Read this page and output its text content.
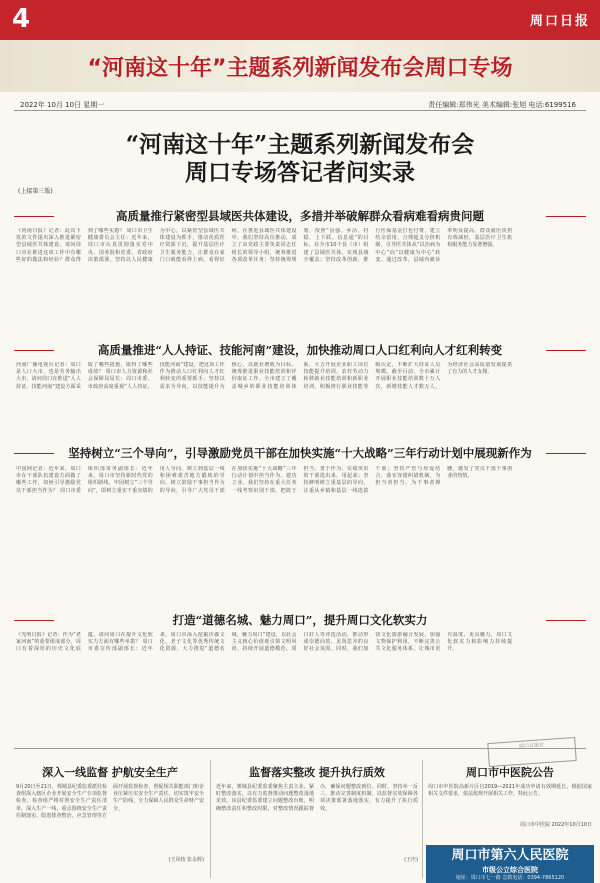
4	周口日报
“河南这十年”主题系列新闻发布会周口专场
2022年 10月 10日 星期一	责任编辑:郑伟光 美术编辑:张旭 电话:6199516
“河南这十年”主题系列新闻发布会
周口专场答记者问实录
(上接第三版)
高质量推行紧密型县域医共体建设，多措并举破解群众看病难看病贵问题
《河南日报》记者：此次下发的文件提出深入推进紧密型县域医共体建设，请问周口市在推进这项工作中有哪些好的做法和经验？群众得到了哪些实惠？ 周口市卫生健康委员会主任：近年来，周口市认真贯彻落实党中央、国务院和省委、省政府决策部署，坚持以人民健康为中心，以紧密型县域医共体建设为抓手，推动优质医疗资源下沉，提升基层医疗卫生服务能力，让群众在家门口就能看得上病、看得好病。在推进县域医共体建设中，我们坚持高位推动，成立了由党政主要负责同志任组长的领导小组，统筹推进各项改革任务；坚持统筹规划，按照“县强、乡活、村稳、上下联、信息通”的目标，在全市10个县（市）组建了县域医共体，实现县域全覆盖；坚持改革创新，推行医保基金打包付费，建立结余留用、合理超支分担机制，引导医共体从“以治病为中心”向“以健康为中心”转变。通过改革，县域内就诊率明显提高，群众就医负担有效减轻，基层医疗卫生机构服务能力显著增强。
高质量推进“人人持证、技能河南”建设，加快推动周口人口红利向人才红利转变
河南广播电视台记者：周口是人口大市，也是劳务输出大市，请问周口在推进“人人持证、技能河南”建设方面采取了哪些措施，取得了哪些成效？ 周口市人力资源和社会保障局局长：周口市委、市政府高度重视“人人持证、技能河南”建设，把这项工作作为推动人口红利向人才红利转变的重要抓手，坚持以需求为导向，以技能提升为核心，以就业增收为目标，统筹推进职业技能培训和评价取证工作。全市建立了覆盖城乡的职业技能培训体系，大力开展企业职工岗位技能提升培训、农村劳动力转移就业技能培训和新职业培训，积极推行职业技能等级认定，不断扩大持证人员规模。截至目前，全市累计开展职业技能培训数十万人次，新增技能人才数万人，为经济社会高质量发展提供了有力的人才支撑。
坚持树立“三个导向”，引导激励党员干部在加快实施“十大战略”三年行动计划中展现新作为
中国网记者：近年来，周口市在干部队伍建设方面做了哪些工作，如何引导激励党员干部担当作为？ 周口市委组织部常务副部长：近年来，周口市坚持新时代党的组织路线，牢固树立“三个导向”，即树立重实干重实绩的用人导向、树立到基层一线和困难艰苦地方锻炼的导向、树立鼓励干事担当作为的导向，引导广大党员干部在加快实施“十大战略”三年行动计划中担当作为、建功立业。我们坚持在重大任务一线考察识别干部，把敢于担当、善于作为、实绩突出的干部选出来、用起来；坚持鲜明树立重基层的导向，注重从乡镇和基层一线选拔干部；坚持严管与厚爱结合，落实容错纠错机制，为担当者担当、为干事者撑腰，激发了党员干部干事创业的热情。
打造“道德名城、魅力周口”，提升周口文化软实力
《光明日报》记者：作为“老家河南”的重要组成部分，周口有着深厚的历史文化底蕴，请问周口在提升文化软实力方面有哪些举措？ 周口市委宣传部副部长：近年来，周口市深入挖掘伏羲文化、老子文化等优秀传统文化资源，大力推进“道德名城、魅力周口”建设，以社会主义核心价值观引领文明风尚，持续开展道德模范、周口好人等评选活动，推动形成崇德向善、见贤思齐的良好社会氛围。同时，我们加快文化旅游融合发展，加强文物保护利用，不断完善公共文化服务体系，让城市更有温度、更具魅力，周口文化软实力和影响力持续提升。
周口日报社
深入一线监督 护航安全生产
9月20日至21日，郸城县纪委监委派驻检查组深入辖区企业开展安全生产专项监督检查。检查组严格对照安全生产责任清单，深入生产一线，重点围绕安全生产责任制落实、隐患排查整治、应急管理等方面开展监督检查，督促相关职能部门和企业压紧压实安全生产责任，切实筑牢安全生产防线，全力保障人民群众生命财产安全。
(王凤枝 张永辉)
监督落实整改 提升执行质效
近年来，郸城县纪委监委聚焦主责主业，紧盯整改落实，以有力监督推动问题整改落地见效。该县纪委监委建立问题整改台账，明确整改责任和整改时限，对整改情况跟踪督办，确保问题整改到位。同时，坚持举一反三，推动完善制度机制，以监督实效保障各项决策部署落地落实，有力提升了执行质效。
(王庆)
周口市中医院公告
周口市中医院高新片区自2019—2021年成功申请有效期延长，根据国家相关文件要求，依法依规开展相关工作，特此公告。
周口市中医院 2022年10月10日
周口市第六人民医院
市级公立综合医院
地址：周口市七一路 急救电话：0394-7865120
